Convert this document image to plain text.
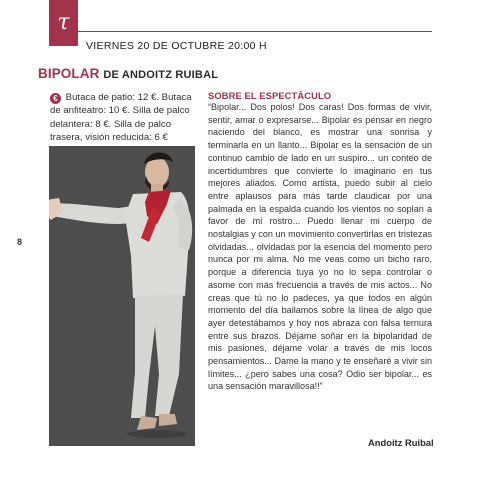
τ
VIERNES 20 DE OCTUBRE 20:00 H
BIPOLAR DE ANDOITZ RUIBAL
€ Butaca de patio: 12 €. Butaca de anfiteatro: 10 €. Silla de palco delantera: 8 €. Silla de palco trasera, visión reducida: 6 €
8
SOBRE EL ESPECTÁCULO
“Bipolar... Dos polos! Dos caras! Dos formas de vivir, sentir, amar o expresarse... Bipolar es pensar en negro naciendo del blanco, es mostrar una sonrisa y terminarla en un llanto... Bipolar es la sensación de un continuo cambio de lado en un suspiro... un conteo de incertidumbres que convierte lo imaginario en tus mejores aliados. Como artista, puedo subir al cielo entre aplausos para más tarde claudicar por una palmada en la espalda cuando los vientos no soplan a favor de mi rostro... Puedo llenar mi cuerpo de nostalgias y con un movimiento convertirlas en tristezas olvidadas... olvidadas por la esencia del momento pero nunca por mi alma. No me veas como un bicho raro, porque a diferencia tuya yo no lo sepa controlar o asome con más frecuencia a través de mis actos... No creas que tú no lo padeces, ya que todos en algún momento del día bailamos sobre la línea de algo que ayer detestábamos y hoy nos abraza con falsa ternura entre sus brazos. Déjame soñar en la bipolaridad de mis pasiones, déjame volar a través de mis locos pensamientos... Dame la mano y te enseñaré a vivir sin límites... ¿pero sabes una cosa? Odio ser bipolar... es una sensación maravillosa!!”
Andoitz Ruibal
